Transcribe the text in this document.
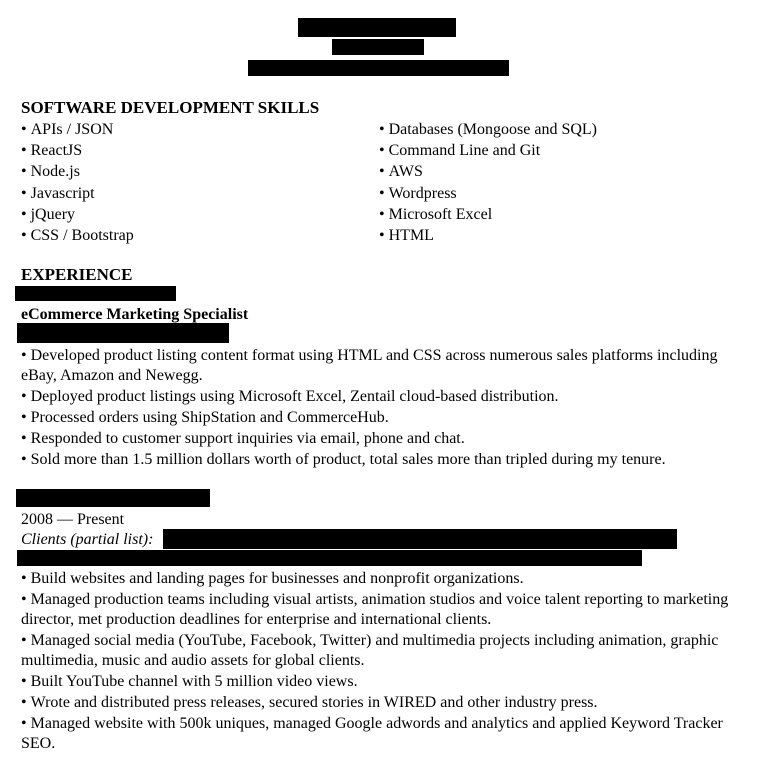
SOFTWARE DEVELOPMENT SKILLS
• APIs / JSON
• ReactJS
• Node.js
• Javascript
• jQuery
• CSS / Bootstrap
• Databases (Mongoose and SQL)
• Command Line and Git
• AWS
• Wordpress
• Microsoft Excel
• HTML
EXPERIENCE
eCommerce Marketing Specialist
• Developed product listing content format using HTML and CSS across numerous sales platforms including eBay, Amazon and Newegg.
• Deployed product listings using Microsoft Excel, Zentail cloud-based distribution.
• Processed orders using ShipStation and CommerceHub.
• Responded to customer support inquiries via email, phone and chat.
• Sold more than 1.5 million dollars worth of product, total sales more than tripled during my tenure.
2008 — Present
Clients (partial list):
• Build websites and landing pages for businesses and nonprofit organizations.
• Managed production teams including visual artists, animation studios and voice talent reporting to marketing director, met production deadlines for enterprise and international clients.
• Managed social media (YouTube, Facebook, Twitter) and multimedia projects including animation, graphic multimedia, music and audio assets for global clients.
• Built YouTube channel with 5 million video views.
• Wrote and distributed press releases, secured stories in WIRED and other industry press.
• Managed website with 500k uniques, managed Google adwords and analytics and applied Keyword Tracker SEO.
